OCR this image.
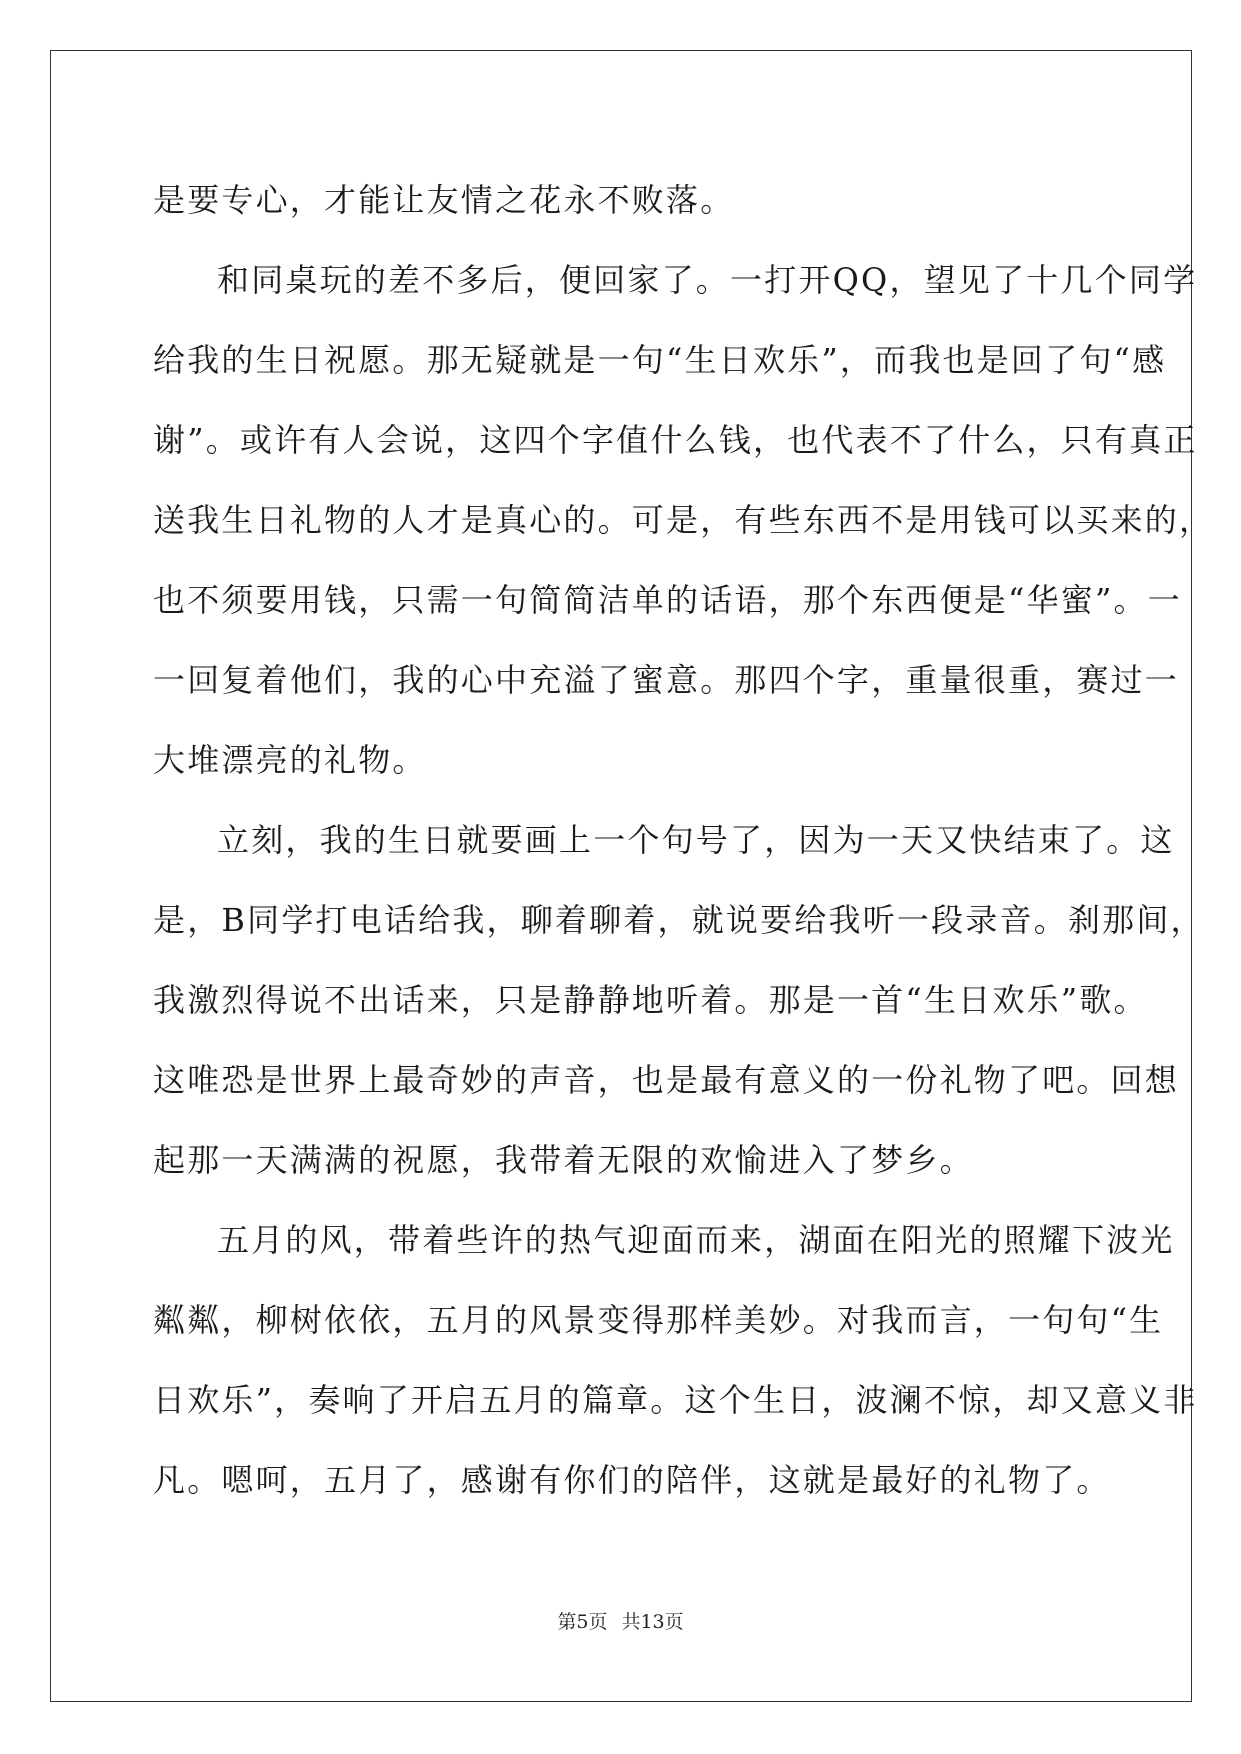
是要专心，才能让友情之花永不败落。
和同桌玩的差不多后，便回家了。一打开QQ，望见了十几个同学
给我的生日祝愿。那无疑就是一句“生日欢乐”，而我也是回了句“感
谢”。或许有人会说，这四个字值什么钱，也代表不了什么，只有真正
送我生日礼物的人才是真心的。可是，有些东西不是用钱可以买来的，
也不须要用钱，只需一句简简洁单的话语，那个东西便是“华蜜”。一
一回复着他们，我的心中充溢了蜜意。那四个字，重量很重，赛过一
大堆漂亮的礼物。
立刻，我的生日就要画上一个句号了，因为一天又快结束了。这
是，B同学打电话给我，聊着聊着，就说要给我听一段录音。刹那间，
我激烈得说不出话来，只是静静地听着。那是一首“生日欢乐”歌。
这唯恐是世界上最奇妙的声音，也是最有意义的一份礼物了吧。回想
起那一天满满的祝愿，我带着无限的欢愉进入了梦乡。
五月的风，带着些许的热气迎面而来，湖面在阳光的照耀下波光
粼粼，柳树依依，五月的风景变得那样美妙。对我而言，一句句“生
日欢乐”，奏响了开启五月的篇章。这个生日，波澜不惊，却又意义非
凡。嗯呵，五月了，感谢有你们的陪伴，这就是最好的礼物了。
第5页 共13页
